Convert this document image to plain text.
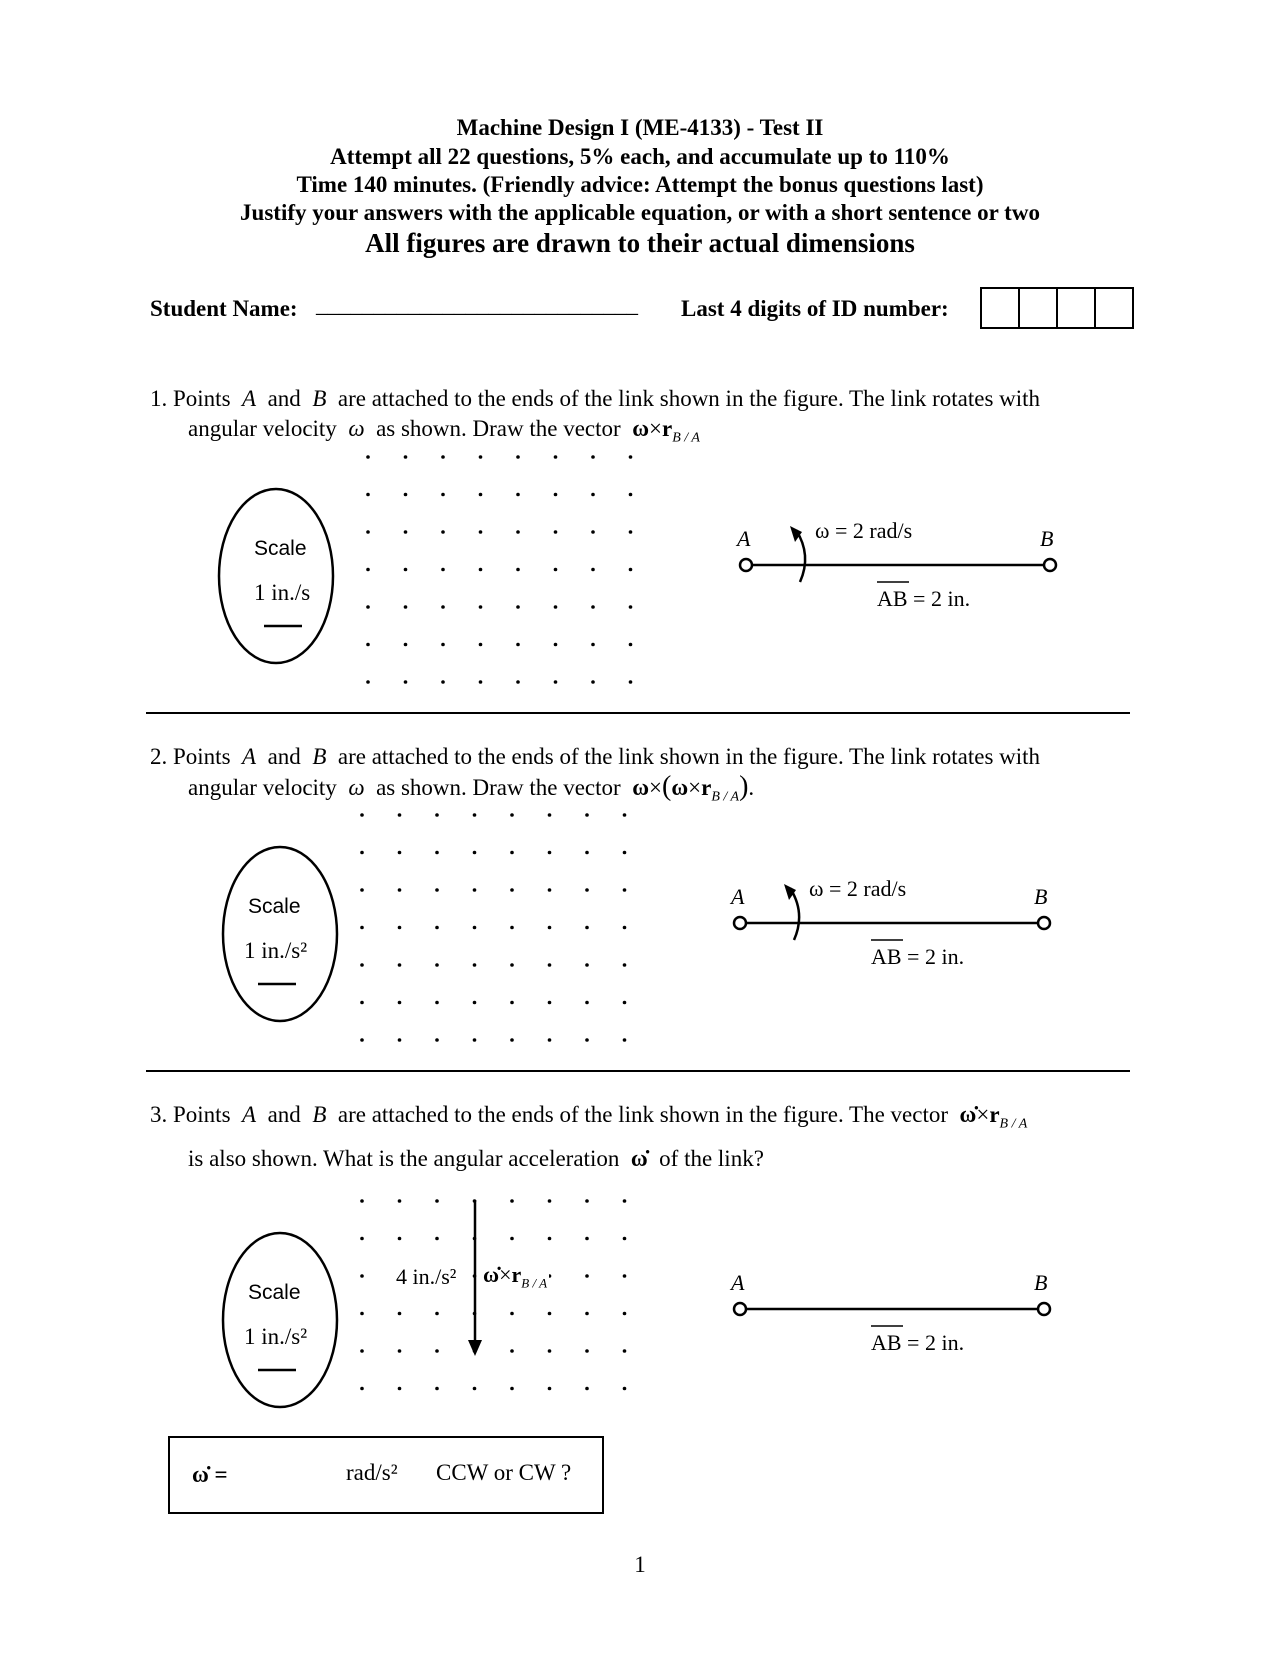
Machine Design I (ME-4133) - Test II
Attempt all 22 questions, 5% each, and accumulate up to 110%
Time 140 minutes. (Friendly advice: Attempt the bonus questions last)
Justify your answers with the applicable equation, or with a short sentence or two
All figures are drawn to their actual dimensions
Student Name: ____________________________ Last 4 digits of ID number:
1. Points A and B are attached to the ends of the link shown in the figure. The link rotates with
angular velocity ω as shown. Draw the vector $\omega\times r_{B / A}$
Scale
1 in./s
A	B
ω = 2 rad/s
AB = 2 in.
2. Points A and B are attached to the ends of the link shown in the figure. The link rotates with
angular velocity ω as shown. Draw the vector $\omega\times(\omega\times r_{B / A})$.
Scale
1 in./s²
A	B
ω = 2 rad/s
AB = 2 in.
3. Points A and B are attached to the ends of the link shown in the figure. The vector $\omegȧ\times r_{B / A}$
is also shown. What is the angular acceleration ω̇ of the link?
Scale
1 in./s²
4 in./s² $\omegȧ\times r_{B / A}$	A	B
AB = 2 in.
ω̇ =	rad/s² CCW or CW ?
1
